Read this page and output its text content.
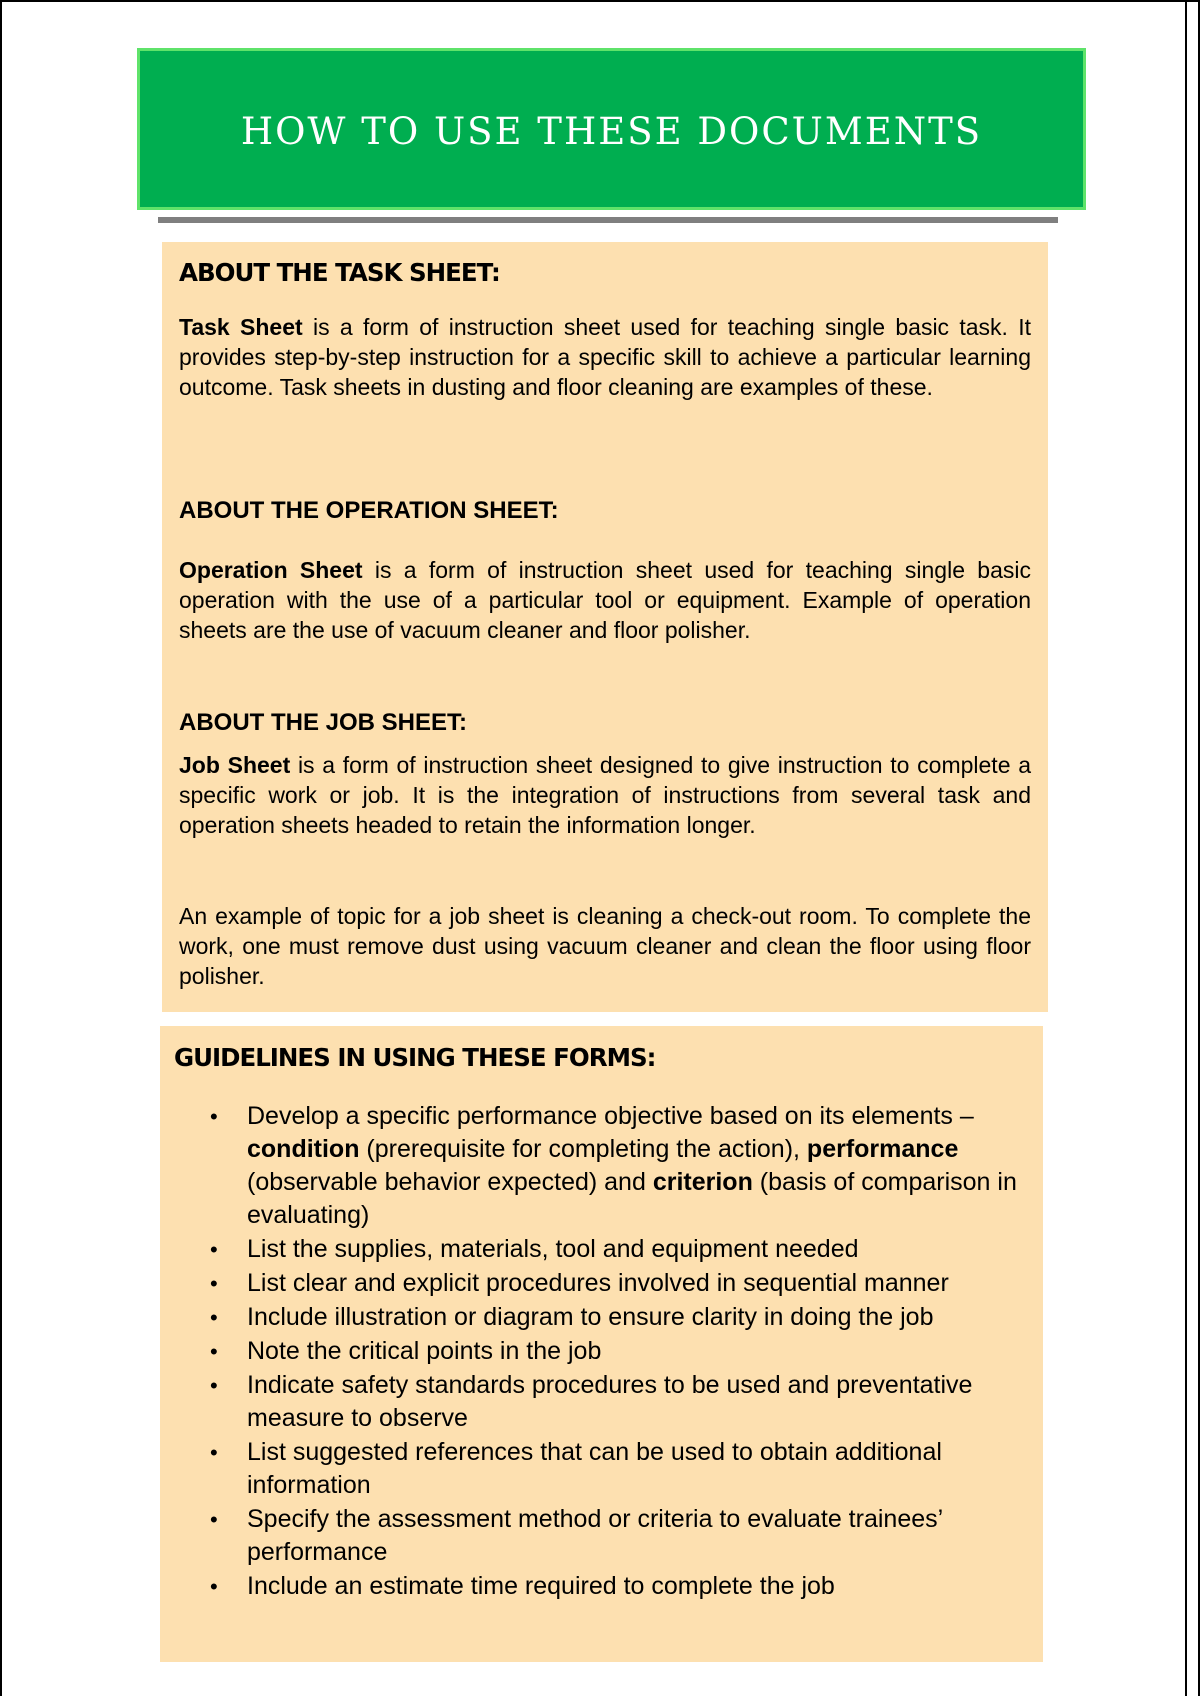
HOW TO USE THESE DOCUMENTS
ABOUT THE TASK SHEET:

Task Sheet is a form of instruction sheet used for teaching single basic task. It provides step-by-step instruction for a specific skill to achieve a particular learning outcome. Task sheets in dusting and floor cleaning are examples of these.

ABOUT THE OPERATION SHEET:

Operation Sheet is a form of instruction sheet used for teaching single basic operation with the use of a particular tool or equipment. Example of operation sheets are the use of vacuum cleaner and floor polisher.

ABOUT THE JOB SHEET:

Job Sheet is a form of instruction sheet designed to give instruction to complete a specific work or job. It is the integration of instructions from several task and operation sheets headed to retain the information longer.

An example of topic for a job sheet is cleaning a check-out room. To complete the work, one must remove dust using vacuum cleaner and clean the floor using floor polisher.

GUIDELINES IN USING THESE FORMS:
•	Develop a specific performance objective based on its elements – condition (prerequisite for completing the action), performance (observable behavior expected) and criterion (basis of comparison in evaluating)
•	List the supplies, materials, tool and equipment needed
•	List clear and explicit procedures involved in sequential manner
•	Include illustration or diagram to ensure clarity in doing the job
•	Note the critical points in the job
•	Indicate safety standards procedures to be used and preventative measure to observe
•	List suggested references that can be used to obtain additional information
•	Specify the assessment method or criteria to evaluate trainees’ performance
•	Include an estimate time required to complete the job
